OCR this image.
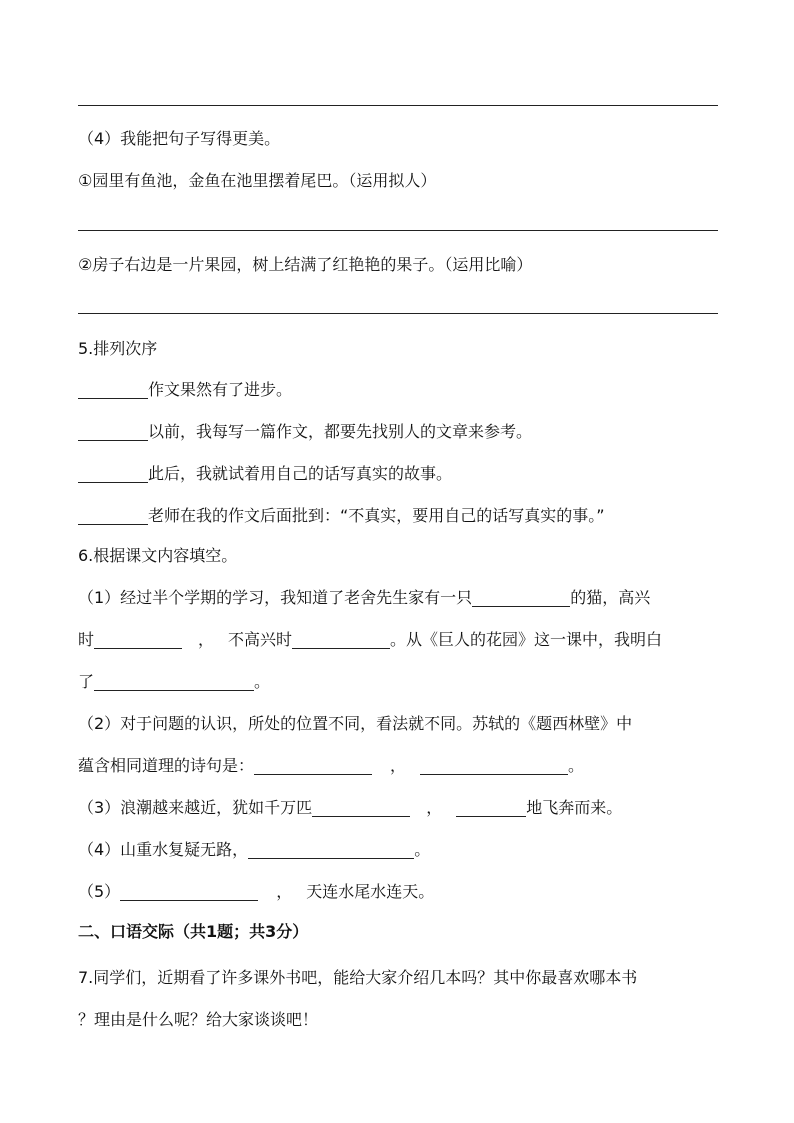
（4）我能把句子写得更美。
①园里有鱼池，金鱼在池里摆着尾巴。（运用拟人）
②房子右边是一片果园，树上结满了红艳艳的果子。（运用比喻）
5.排列次序
作文果然有了进步。
以前，我每写一篇作文，都要先找别人的文章来参考。
此后，我就试着用自己的话写真实的故事。
老师在我的作文后面批到：“不真实，要用自己的话写真实的事。”
6.根据课文内容填空。
（1）经过半个学期的学习，我知道了老舍先生家有一只	的猫，高兴
时	， 不高兴时	。从《巨人的花园》这一课中，我明白
了	。
（2）对于问题的认识，所处的位置不同，看法就不同。苏轼的《题西林壁》中
蕴含相同道理的诗句是：	，	。
（3）浪潮越来越近，犹如千万匹	，	地飞奔而来。
（4）山重水复疑无路，	。
（5）	， 天连水尾水连天。
二、口语交际（共1题；共3分）
7.同学们，近期看了许多课外书吧，能给大家介绍几本吗？其中你最喜欢哪本书
？理由是什么呢？给大家谈谈吧！
